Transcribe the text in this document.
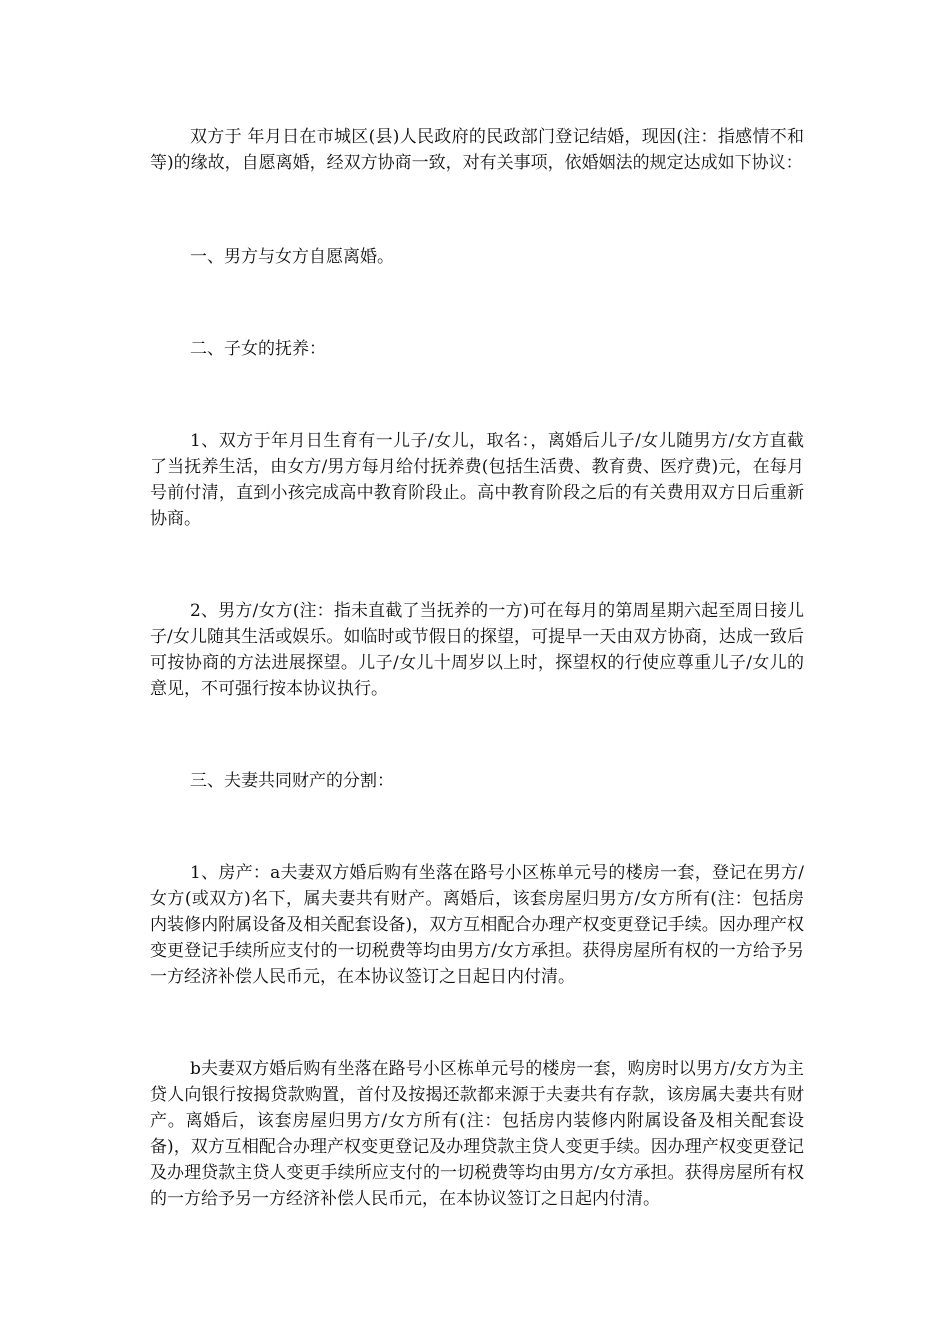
双方于 年月日在市城区(县)人民政府的民政部门登记结婚，现因(注：指感情不和等)的缘故，自愿离婚，经双方协商一致，对有关事项，依婚姻法的规定达成如下协议：

一、男方与女方自愿离婚。

二、子女的抚养：

1、双方于年月日生育有一儿子/女儿，取名：，离婚后儿子/女儿随男方/女方直截了当抚养生活，由女方/男方每月给付抚养费(包括生活费、教育费、医疗费)元，在每月号前付清，直到小孩完成高中教育阶段止。高中教育阶段之后的有关费用双方日后重新协商。

2、男方/女方(注：指未直截了当抚养的一方)可在每月的第周星期六起至周日接儿子/女儿随其生活或娱乐。如临时或节假日的探望，可提早一天由双方协商，达成一致后可按协商的方法进展探望。儿子/女儿十周岁以上时，探望权的行使应尊重儿子/女儿的意见，不可强行按本协议执行。

三、夫妻共同财产的分割：

1、房产：a夫妻双方婚后购有坐落在路号小区栋单元号的楼房一套，登记在男方/女方(或双方)名下，属夫妻共有财产。离婚后，该套房屋归男方/女方所有(注：包括房内装修内附属设备及相关配套设备)，双方互相配合办理产权变更登记手续。因办理产权变更登记手续所应支付的一切税费等均由男方/女方承担。获得房屋所有权的一方给予另一方经济补偿人民币元，在本协议签订之日起日内付清。

b夫妻双方婚后购有坐落在路号小区栋单元号的楼房一套，购房时以男方/女方为主贷人向银行按揭贷款购置，首付及按揭还款都来源于夫妻共有存款，该房属夫妻共有财产。离婚后，该套房屋归男方/女方所有(注：包括房内装修内附属设备及相关配套设备)，双方互相配合办理产权变更登记及办理贷款主贷人变更手续。因办理产权变更登记及办理贷款主贷人变更手续所应支付的一切税费等均由男方/女方承担。获得房屋所有权的一方给予另一方经济补偿人民币元，在本协议签订之日起内付清。
